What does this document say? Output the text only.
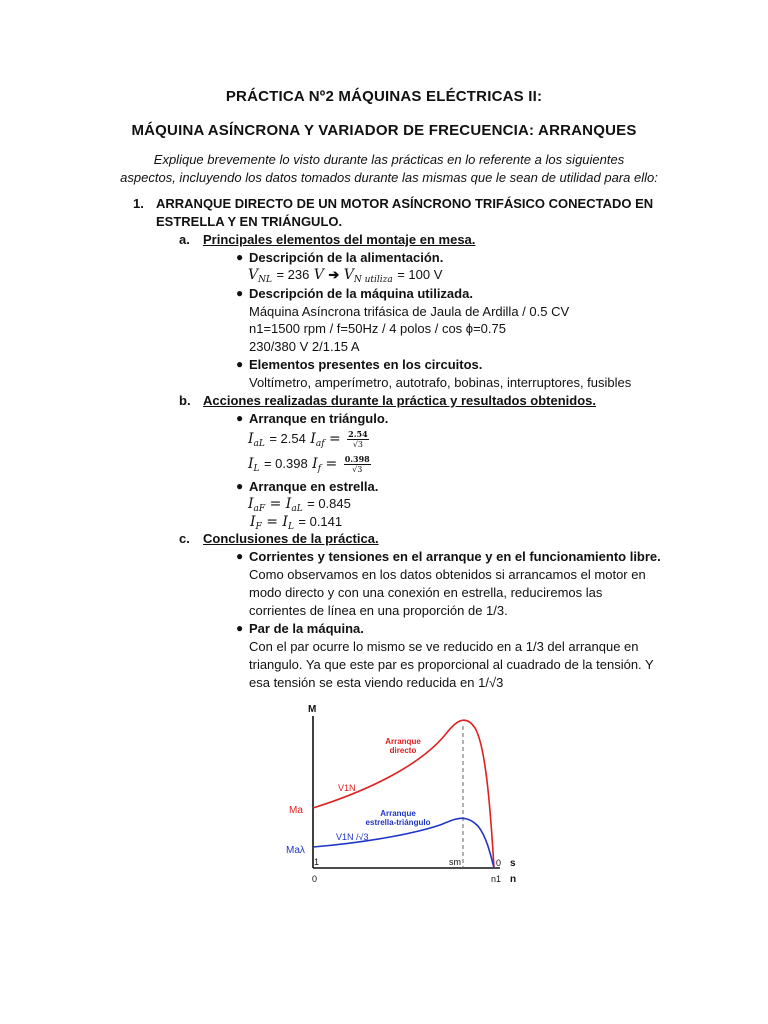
PRÁCTICA Nº2 MÁQUINAS ELÉCTRICAS II:
MÁQUINA ASÍNCRONA Y VARIADOR DE FRECUENCIA: ARRANQUES
Explique brevemente lo visto durante las prácticas en lo referente a los siguientes
aspectos, incluyendo los datos tomados durante las mismas que le sean de utilidad para ello:
1. ARRANQUE DIRECTO DE UN MOTOR ASÍNCRONO TRIFÁSICO CONECTADO EN
ESTRELLA Y EN TRIÁNGULO.
a. Principales elementos del montaje en mesa.
● Descripción de la alimentación.
$V_{NL} = 236$ V ➔ $V_{N utiliza} = 100$ V
● Descripción de la máquina utilizada.
Máquina Asíncrona trifásica de Jaula de Ardilla / 0.5 CV
n1=1500 rpm / f=50Hz / 4 polos / cos ϕ=0.75
230/380 V 2/1.15 A
● Elementos presentes en los circuitos.
Voltímetro, amperímetro, autotrafo, bobinas, interruptores, fusibles
b. Acciones realizadas durante la práctica y resultados obtenidos.
● Arranque en triángulo.
$I_{aL} = 2.54$ $I_{af} = \frac{2.54}{√3}$
$I_L = 0.398$ $I_f = \frac{0.398}{√3}$
● Arranque en estrella.
$I_{aF} = I_{aL} = 0.845$
$I_F = I_L = 0.141$
c. Conclusiones de la práctica.
● Corrientes y tensiones en el arranque y en el funcionamiento libre.
Como observamos en los datos obtenidos si arrancamos el motor en
modo directo y con una conexión en estrella, reduciremos las
corrientes de línea en una proporción de 1/3.
● Par de la máquina.
Con el par ocurre lo mismo se ve reducido en a 1/3 del arranque en
triangulo. Ya que este par es proporcional al cuadrado de la tensión. Y
esa tensión se esta viendo reducida en 1/√3
M
s
n
Ma
Maλ
1
0
0
sm
n1
Arranque
directo
V1N
Arranque
estrella-triángulo
V1N /√3
